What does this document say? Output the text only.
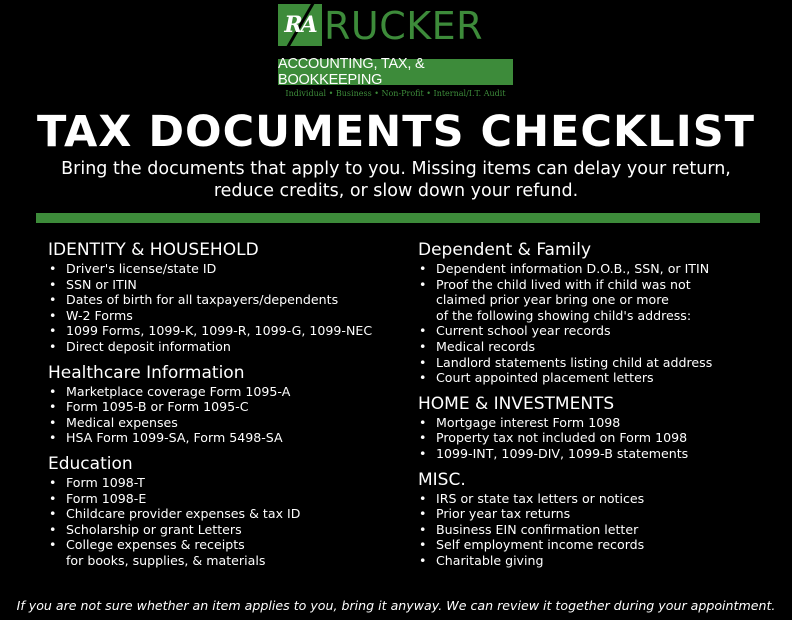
R A RUCKER
ACCOUNTING, TAX, & BOOKKEEPING
Individual • Business • Non-Profit • Internal/I.T. Audit
TAX DOCUMENTS CHECKLIST
Bring the documents that apply to you. Missing items can delay your return,
reduce credits, or slow down your refund.
IDENTITY & HOUSEHOLD
• Driver's license/state ID
• SSN or ITIN
• Dates of birth for all taxpayers/dependents
• W-2 Forms
• 1099 Forms, 1099-K, 1099-R, 1099-G, 1099-NEC
• Direct deposit information
Healthcare Information
• Marketplace coverage Form 1095-A
• Form 1095-B or Form 1095-C
• Medical expenses
• HSA Form 1099-SA, Form 5498-SA
Education
• Form 1098-T
• Form 1098-E
• Childcare provider expenses & tax ID
• Scholarship or grant Letters
• College expenses & receipts
for books, supplies, & materials
Dependent & Family
• Dependent information D.O.B., SSN, or ITIN
• Proof the child lived with if child was not
claimed prior year bring one or more
of the following showing child's address:
• Current school year records
• Medical records
• Landlord statements listing child at address
• Court appointed placement letters
HOME & INVESTMENTS
• Mortgage interest Form 1098
• Property tax not included on Form 1098
• 1099-INT, 1099-DIV, 1099-B statements
MISC.
• IRS or state tax letters or notices
• Prior year tax returns
• Business EIN confirmation letter
• Self employment income records
• Charitable giving
If you are not sure whether an item applies to you, bring it anyway. We can review it together during your appointment.
